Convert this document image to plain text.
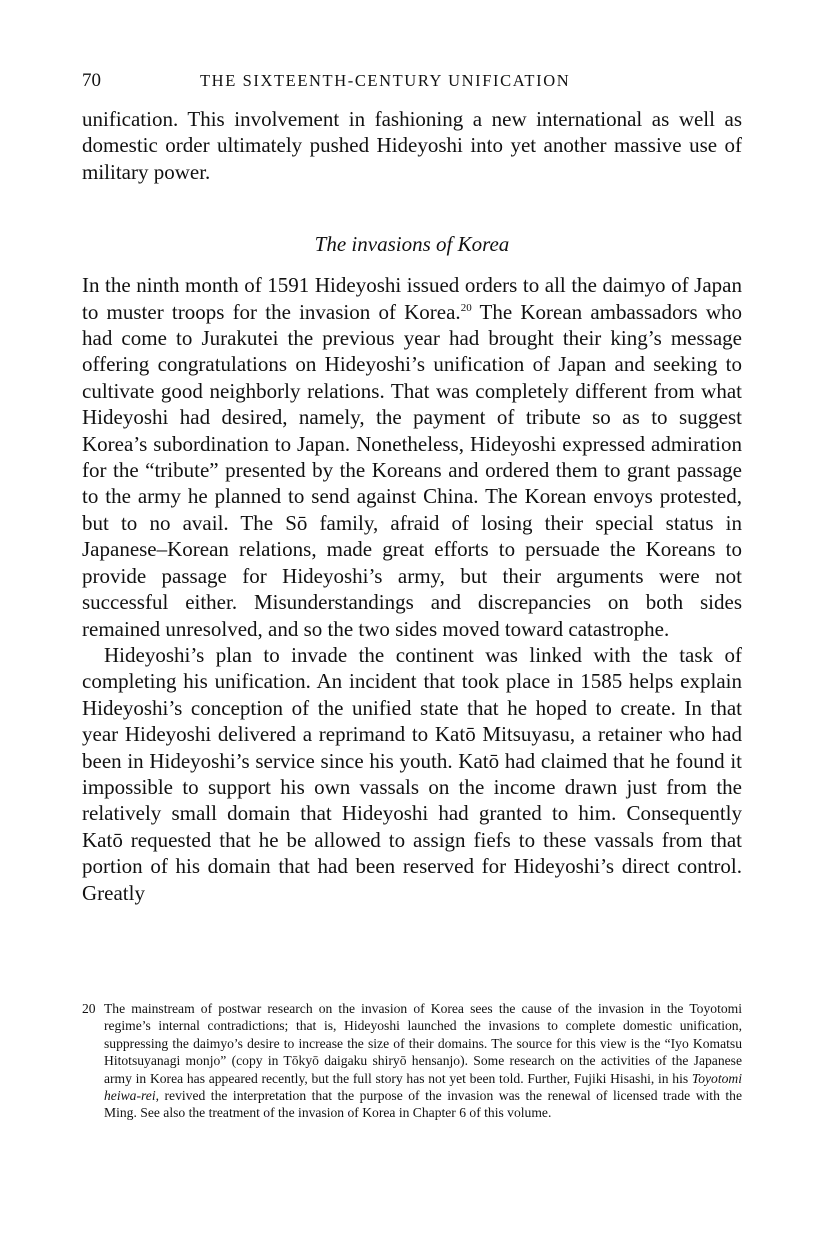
70	THE SIXTEENTH-CENTURY UNIFICATION

unification. This involvement in fashioning a new international as well as domestic order ultimately pushed Hideyoshi into yet another massive use of military power.

The invasions of Korea

In the ninth month of 1591 Hideyoshi issued orders to all the daimyo of Japan to muster troops for the invasion of Korea.$^{20}$ The Korean ambassadors who had come to Jurakutei the previous year had brought their king’s message offering congratulations on Hideyoshi’s unification of Japan and seeking to cultivate good neighborly relations. That was completely different from what Hideyoshi had desired, namely, the payment of tribute so as to suggest Korea’s subordination to Japan. Nonetheless, Hideyoshi expressed admiration for the “tribute” presented by the Koreans and ordered them to grant passage to the army he planned to send against China. The Korean envoys protested, but to no avail. The Sō family, afraid of losing their special status in Japanese–Korean relations, made great efforts to persuade the Koreans to provide passage for Hideyoshi’s army, but their arguments were not successful either. Misunderstandings and discrepancies on both sides remained unresolved, and so the two sides moved toward catastrophe.

Hideyoshi’s plan to invade the continent was linked with the task of completing his unification. An incident that took place in 1585 helps explain Hideyoshi’s conception of the unified state that he hoped to create. In that year Hideyoshi delivered a reprimand to Katō Mitsuyasu, a retainer who had been in Hideyoshi’s service since his youth. Katō had claimed that he found it impossible to support his own vassals on the income drawn just from the relatively small domain that Hideyoshi had granted to him. Consequently Katō requested that he be allowed to assign fiefs to these vassals from that portion of his domain that had been reserved for Hideyoshi’s direct control. Greatly

20 The mainstream of postwar research on the invasion of Korea sees the cause of the invasion in the Toyotomi regime’s internal contradictions; that is, Hideyoshi launched the invasions to complete domestic unification, suppressing the daimyo’s desire to increase the size of their domains. The source for this view is the “Iyo Komatsu Hitotsuyanagi monjo” (copy in Tōkyō daigaku shiryō hensanjo). Some research on the activities of the Japanese army in Korea has appeared recently, but the full story has not yet been told. Further, Fujiki Hisashi, in his Toyotomi heiwa-rei, revived the interpretation that the purpose of the invasion was the renewal of licensed trade with the Ming. See also the treatment of the invasion of Korea in Chapter 6 of this volume.
